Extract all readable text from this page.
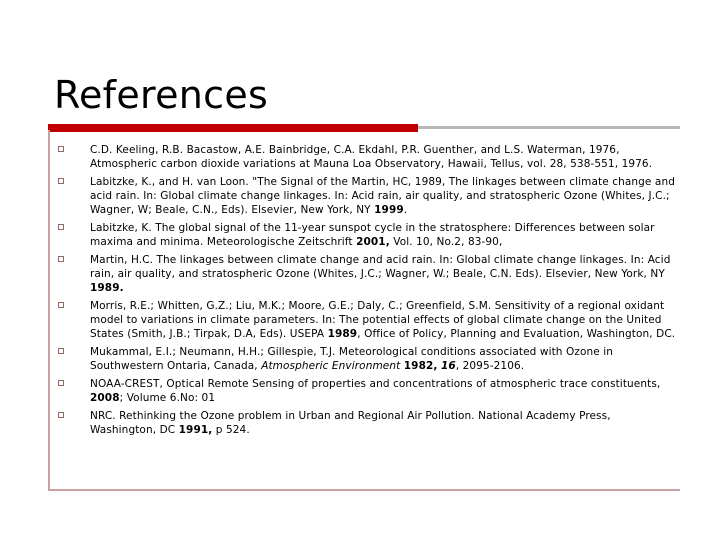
References
C.D. Keeling, R.B. Bacastow, A.E. Bainbridge, C.A. Ekdahl, P.R. Guenther, and L.S. Waterman, 1976, Atmospheric carbon dioxide variations at Mauna Loa Observatory, Hawaii, Tellus, vol. 28, 538-551, 1976.
Labitzke, K., and H. van Loon. "The Signal of the Martin, HC, 1989, The linkages between climate change and acid rain. In: Global climate change linkages. In: Acid rain, air quality, and stratospheric Ozone (Whites, J.C.; Wagner, W; Beale, C.N., Eds). Elsevier, New York, NY 1999.
Labitzke, K. The global signal of the 11-year sunspot cycle in the stratosphere: Differences between solar maxima and minima. Meteorologische Zeitschrift 2001, Vol. 10, No.2, 83-90,
Martin, H.C. The linkages between climate change and acid rain. In: Global climate change linkages. In: Acid rain, air quality, and stratospheric Ozone (Whites, J.C.; Wagner, W.; Beale, C.N. Eds). Elsevier, New York, NY 1989.
Morris, R.E.; Whitten, G.Z.; Liu, M.K.; Moore, G.E.; Daly, C.; Greenfield, S.M. Sensitivity of a regional oxidant model to variations in climate parameters. In: The potential effects of global climate change on the United States (Smith, J.B.; Tirpak, D.A, Eds). USEPA 1989, Office of Policy, Planning and Evaluation, Washington, DC.
Mukammal, E.I.; Neumann, H.H.; Gillespie, T.J. Meteorological conditions associated with Ozone in Southwestern Ontaria, Canada, Atmospheric Environment 1982, 16, 2095-2106.
NOAA-CREST, Optical Remote Sensing of properties and concentrations of atmospheric trace constituents, 2008; Volume 6.No: 01
NRC. Rethinking the Ozone problem in Urban and Regional Air Pollution. National Academy Press, Washington, DC 1991, p 524.
